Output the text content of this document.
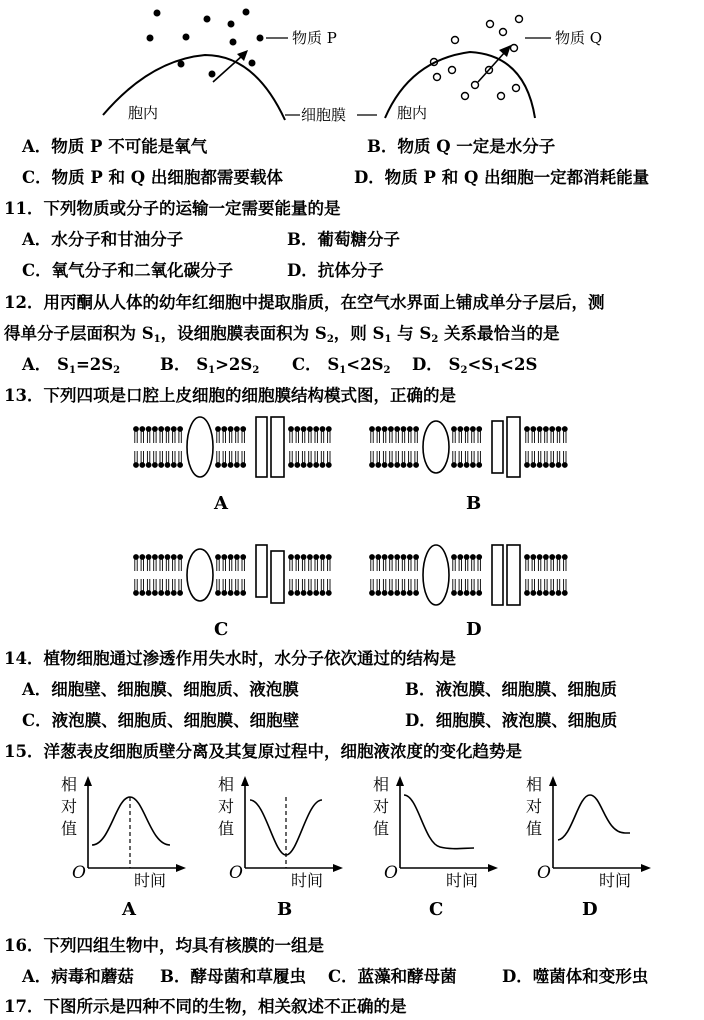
物质 P	物质 Q
胞内	细胞膜	胞内
A．物质 P 不可能是氧气	B．物质 Q 一定是水分子
C．物质 P 和 Q 出细胞都需要载体	D．物质 P 和 Q 出细胞一定都消耗能量
11．下列物质或分子的运输一定需要能量的是
A．水分子和甘油分子	B．葡萄糖分子
C．氧气分子和二氧化碳分子	D．抗体分子
12．用丙酮从人体的幼年红细胞中提取脂质，在空气水界面上铺成单分子层后，测
得单分子层面积为 $S_1$，设细胞膜表面积为 $S_2$，则 $S_1$ 与 $S_2$ 关系最恰当的是
A． $S_1=2S_2$ B． $S_1>2S_2$ C． $S_1<2S_2$ D． $S_2<S_1<2S$
13．下列四项是口腔上皮细胞的细胞膜结构模式图，正确的是
A	B
C	D
14．植物细胞通过渗透作用失水时，水分子依次通过的结构是
A．细胞壁、细胞膜、细胞质、液泡膜	B．液泡膜、细胞膜、细胞质
C．液泡膜、细胞质、细胞膜、细胞壁	D．细胞膜、液泡膜、细胞质
15．洋葱表皮细胞质壁分离及其复原过程中，细胞液浓度的变化趋势是
相
对
值
O	时间
相
对
值
O	时间
相
对
值
O	时间
相
对
值
O	时间
A	B	C	D
16．下列四组生物中，均具有核膜的一组是
A．病毒和蘑菇 B．酵母菌和草履虫 C．蓝藻和酵母菌	D．噬菌体和变形虫
17．下图所示是四种不同的生物，相关叙述不正确的是
